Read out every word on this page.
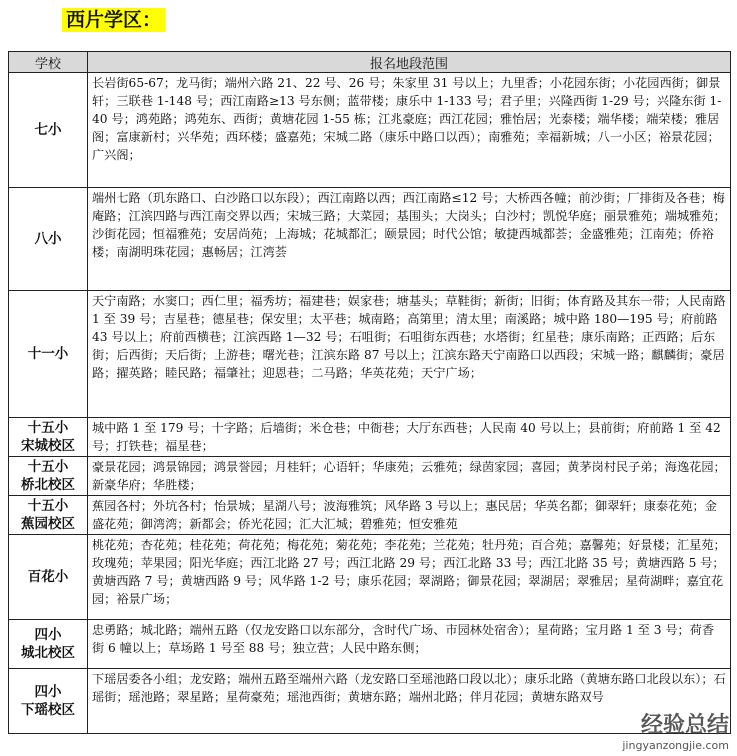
西片学区：
学校	报名地段范围

七小	长岩街65-67；龙马街；端州六路 21、22 号、26 号；朱家里 31 号以上；九里香；小花园东街；小花园西街；御景轩；三联巷 1-148 号；西江南路≥13 号东侧；蓝带楼；康乐中 1-133 号；君子里；兴隆西街 1-29 号；兴隆东街 1-40 号；鸿苑路；鸿苑东、西街；黄塘花园 1-55 栋；江兆豪庭；西江花园；雅怡居；光泰楼；端华楼；端荣楼；雅居阁；富康新村；兴华苑；西环楼；盛嘉苑；宋城二路（康乐中路口以西）；南雅苑；幸福新城；八一小区；裕景花园；广兴阁；

八小	端州七路（玑东路口、白沙路口以东段）；西江南路以西；西江南路≤12 号；大桥西各幢；前沙街；厂排街及各巷；梅庵路；江滨四路与西江南交界以西；宋城三路；大菜园；基围头；大岗头；白沙村；凯悦华庭；丽景雅苑；端城雅苑；沙街花园；恒福雅苑；安居尚苑；上海城；花城都汇；颐景园；时代公馆；敏捷西城都荟；金盛雅苑；江南苑；侨裕楼；南湖明珠花园；惠畅居；江湾荟

十一小	天宁南路；水窦口；西仁里；福秀坊；福建巷；娱家巷；塘基头；草鞋街；新街；旧街；体育路及其东一带；人民南路 1 至 39 号；吉星巷；德星巷；保安里；太平巷；城南路；高第里；清太里；南溪路；城中路 180—195 号；府前路 43 号以上；府前西横巷；江滨西路 1—32 号；石咀街；石咀街东西巷；水塔街；红星巷；康乐南路；正西路；后东街；后西街；天后街；上游巷；曙光巷；江滨东路 87 号以上；江滨东路天宁南路口以西段；宋城一路；麒麟街；豪居路；擢英路；睦民路；福肇社；迎恩巷；二马路；华英花苑；天宁广场；

十五小
宋城校区	城中路 1 至 179 号；十字路；后墙街；米仓巷；中衙巷；大厅东西巷；人民南 40 号以上；县前街；府前路 1 至 42 号；打铁巷；福星巷；

十五小
桥北校区	豪景花园；鸿景锦园；鸿景誉园；月桂轩；心语轩；华康苑；云雅苑；绿茵家园；喜园；黄茅岗村民子弟；海逸花园；新豪华府；华胜楼；

十五小
蕉园校区	蕉园各村；外坑各村；怡景城；星湖八号；波海雅筑；风华路 3 号以上；惠民居；华英名都；御翠轩；康泰花苑；金盛花苑；御湾湾；新都会；侨光花园；汇大汇城；碧雅苑；恒安雅苑

百花小	桃花苑；杏花苑；桂花苑；荷花苑；梅花苑；菊花苑；李花苑；兰花苑；牡丹苑；百合苑；嘉馨苑；好景楼；汇星苑；玫瑰苑；苹果园；阳光华庭；西江北路 27 号；西江北路 29 号；西江北路 33 号；西江北路 35 号；黄塘西路 5 号；黄塘西路 7 号；黄塘西路 9 号；风华路 1-2 号；康乐花园；翠湖路；御景花园；翠湖居；翠雅居；星荷湖畔；嘉宜花园；裕景广场；

四小
城北校区	忠勇路；城北路；端州五路（仅龙安路口以东部分，含时代广场、市园林处宿舍）；星荷路；宝月路 1 至 3 号；荷香街 6 幢以上；草场路 1 号至 88 号；独立营；人民中路东侧；

四小
下瑶校区	下瑶居委各小组；龙安路；端州五路至端州六路（龙安路口至瑶池路口段以北）；康乐北路（黄塘东路口北段以东）；石瑶街；瑶池路；翠星路；星荷豪苑；瑶池西街；黄塘东路；端州北路；伴月花园；黄塘东路双号
经验总结
jingyanzongjie.com
